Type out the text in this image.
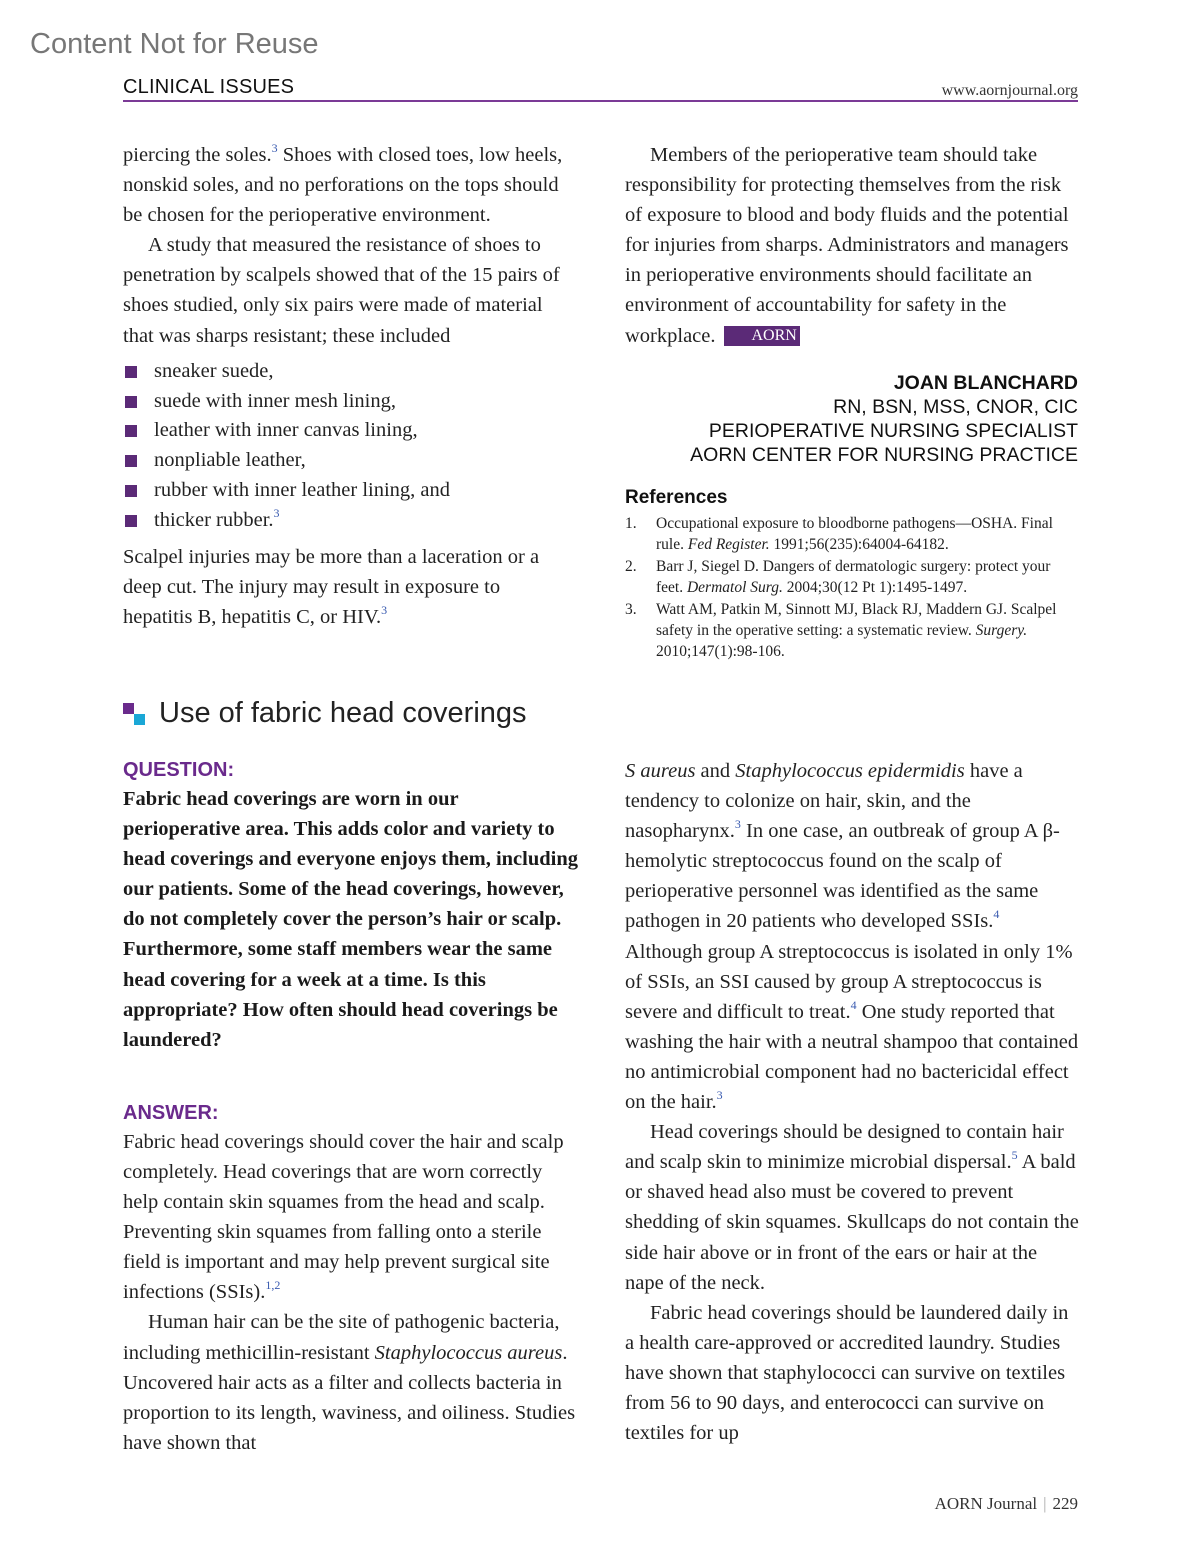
Content Not for Reuse
CLINICAL ISSUES	www.aornjournal.org

piercing the soles.$^3$ Shoes with closed toes, low heels, nonskid soles, and no perforations on the tops should be chosen for the perioperative environment.

A study that measured the resistance of shoes to penetration by scalpels showed that of the 15 pairs of shoes studied, only six pairs were made of material that was sharps resistant; these included

sneaker suede,
suede with inner mesh lining,
leather with inner canvas lining,
nonpliable leather,
rubber with inner leather lining, and
thicker rubber.$^3$

Scalpel injuries may be more than a laceration or a deep cut. The injury may result in exposure to hepatitis B, hepatitis C, or HIV.$^3$

Members of the perioperative team should take responsibility for protecting themselves from the risk of exposure to blood and body fluids and the potential for injuries from sharps. Administrators and managers in perioperative environments should facilitate an environment of accountability for safety in the workplace. AORN

JOAN BLANCHARD
RN, BSN, MSS, CNOR, CIC
PERIOPERATIVE NURSING SPECIALIST
AORN CENTER FOR NURSING PRACTICE
References
1. Occupational exposure to bloodborne pathogens—OSHA. Final rule. Fed Register. 1991;56(235):64004-64182.
2. Barr J, Siegel D. Dangers of dermatologic surgery: protect your feet. Dermatol Surg. 2004;30(12 Pt 1):1495-1497.
3. Watt AM, Patkin M, Sinnott MJ, Black RJ, Maddern GJ. Scalpel safety in the operative setting: a systematic review. Surgery. 2010;147(1):98-106.
Use of fabric head coverings
QUESTION:

Fabric head coverings are worn in our perioperative area. This adds color and variety to head coverings and everyone enjoys them, including our patients. Some of the head coverings, however, do not completely cover the person’s hair or scalp. Furthermore, some staff members wear the same head covering for a week at a time. Is this appropriate? How often should head coverings be laundered?

ANSWER:

Fabric head coverings should cover the hair and scalp completely. Head coverings that are worn correctly help contain skin squames from the head and scalp. Preventing skin squames from falling onto a sterile field is important and may help prevent surgical site infections (SSIs).$^{1,2}$

Human hair can be the site of pathogenic bacteria, including methicillin-resistant Staphylococcus aureus. Uncovered hair acts as a filter and collects bacteria in proportion to its length, waviness, and oiliness. Studies have shown that

S aureus and Staphylococcus epidermidis have a tendency to colonize on hair, skin, and the nasopharynx.$^3$ In one case, an outbreak of group A β-hemolytic streptococcus found on the scalp of perioperative personnel was identified as the same pathogen in 20 patients who developed SSIs.$^4$ Although group A streptococcus is isolated in only 1% of SSIs, an SSI caused by group A streptococcus is severe and difficult to treat.$^4$ One study reported that washing the hair with a neutral shampoo that contained no antimicrobial component had no bactericidal effect on the hair.$^3$

Head coverings should be designed to contain hair and scalp skin to minimize microbial dispersal.$^5$ A bald or shaved head also must be covered to prevent shedding of skin squames. Skullcaps do not contain the side hair above or in front of the ears or hair at the nape of the neck.

Fabric head coverings should be laundered daily in a health care-approved or accredited laundry. Studies have shown that staphylococci can survive on textiles from 56 to 90 days, and enterococci can survive on textiles for up

AORN Journal | 229
